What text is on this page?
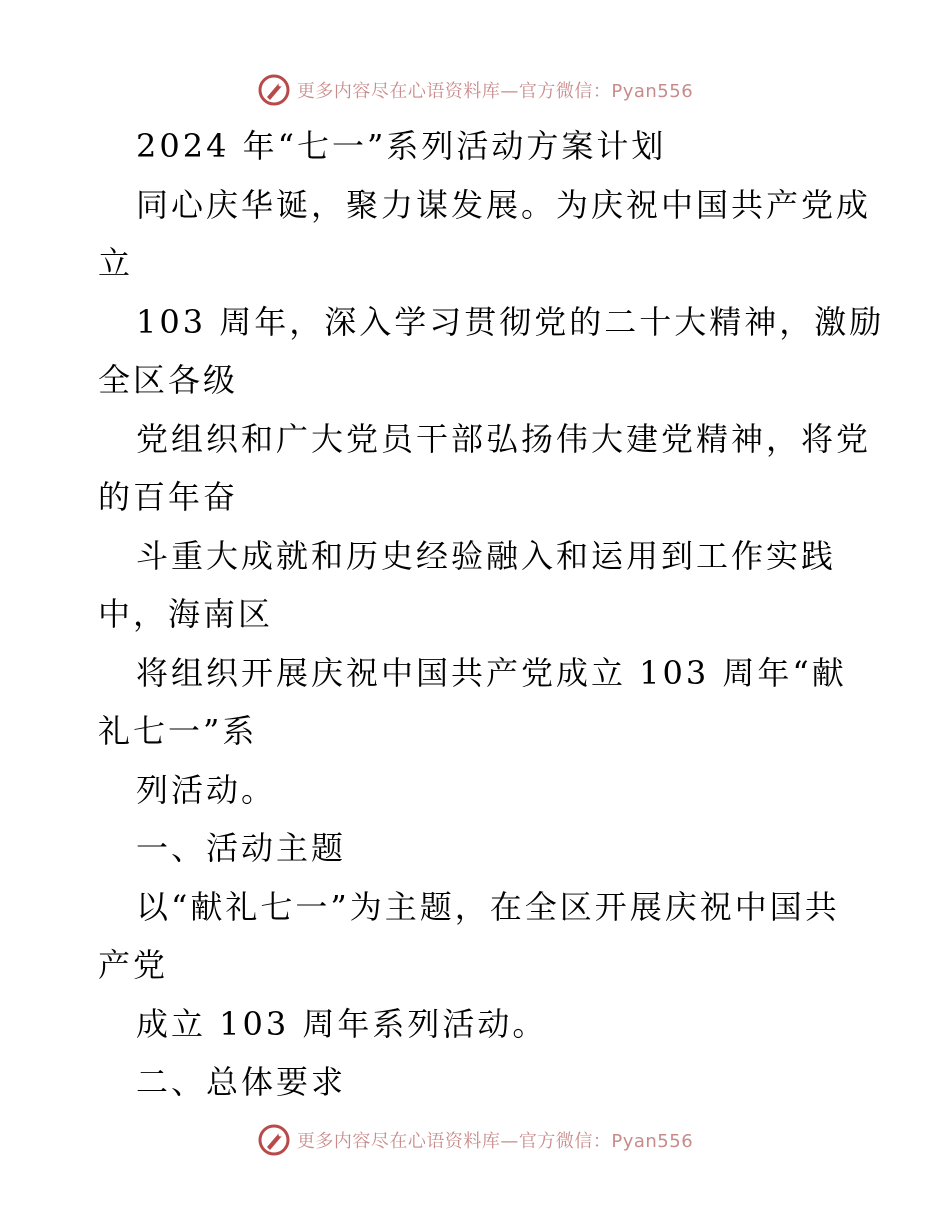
更多内容尽在心语资料库—官方微信：Pyan556
2024 年“七一”系列活动方案计划
同心庆华诞，聚力谋发展。为庆祝中国共产党成
立
103 周年，深入学习贯彻党的二十大精神，激励
全区各级
党组织和广大党员干部弘扬伟大建党精神，将党
的百年奋
斗重大成就和历史经验融入和运用到工作实践
中，海南区
将组织开展庆祝中国共产党成立 103 周年“献
礼七一”系
列活动。
一、活动主题
以“献礼七一”为主题，在全区开展庆祝中国共
产党
成立 103 周年系列活动。
二、总体要求
更多内容尽在心语资料库—官方微信：Pyan556
